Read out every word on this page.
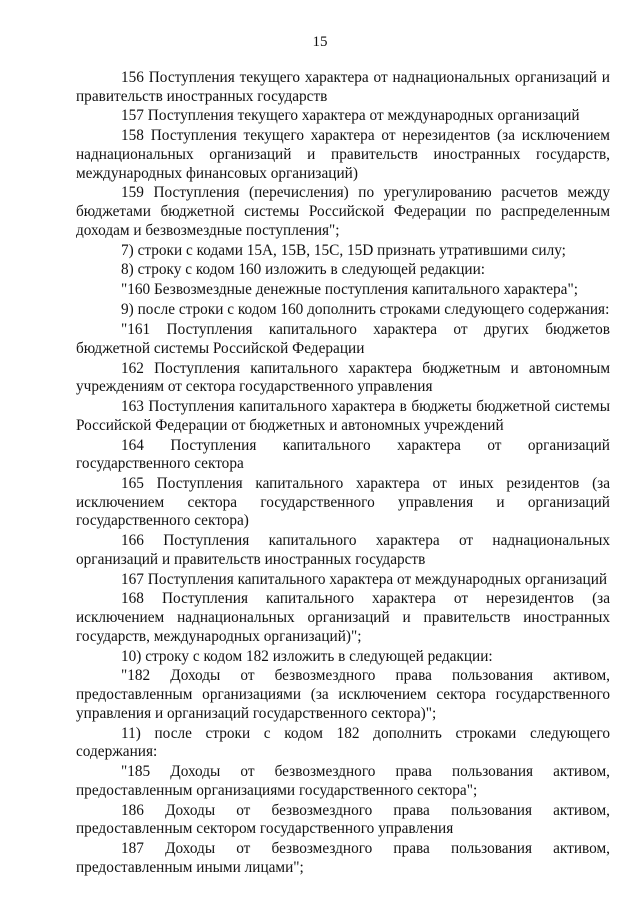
15

156 Поступления текущего характера от наднациональных организаций и правительств иностранных государств

157 Поступления текущего характера от международных организаций

158 Поступления текущего характера от нерезидентов (за исключением наднациональных организаций и правительств иностранных государств, международных финансовых организаций)

159 Поступления (перечисления) по урегулированию расчетов между бюджетами бюджетной системы Российской Федерации по распределенным доходам и безвозмездные поступления";

7) строки с кодами 15А, 15В, 15С, 15D признать утратившими силу;

8) строку с кодом 160 изложить в следующей редакции:

"160 Безвозмездные денежные поступления капитального характера";

9) после строки с кодом 160 дополнить строками следующего содержания:

"161 Поступления капитального характера от других бюджетов бюджетной системы Российской Федерации

162 Поступления капитального характера бюджетным и автономным учреждениям от сектора государственного управления

163 Поступления капитального характера в бюджеты бюджетной системы Российской Федерации от бюджетных и автономных учреждений

164 Поступления капитального характера от организаций государственного сектора

165 Поступления капитального характера от иных резидентов (за исключением сектора государственного управления и организаций государственного сектора)

166 Поступления капитального характера от наднациональных организаций и правительств иностранных государств

167 Поступления капитального характера от международных организаций

168 Поступления капитального характера от нерезидентов (за исключением наднациональных организаций и правительств иностранных государств, международных организаций)";

10) строку с кодом 182 изложить в следующей редакции:

"182 Доходы от безвозмездного права пользования активом, предоставленным организациями (за исключением сектора государственного управления и организаций государственного сектора)";

11) после строки с кодом 182 дополнить строками следующего содержания:

"185 Доходы от безвозмездного права пользования активом, предоставленным организациями государственного сектора";

186 Доходы от безвозмездного права пользования активом, предоставленным сектором государственного управления

187 Доходы от безвозмездного права пользования активом, предоставленным иными лицами";
